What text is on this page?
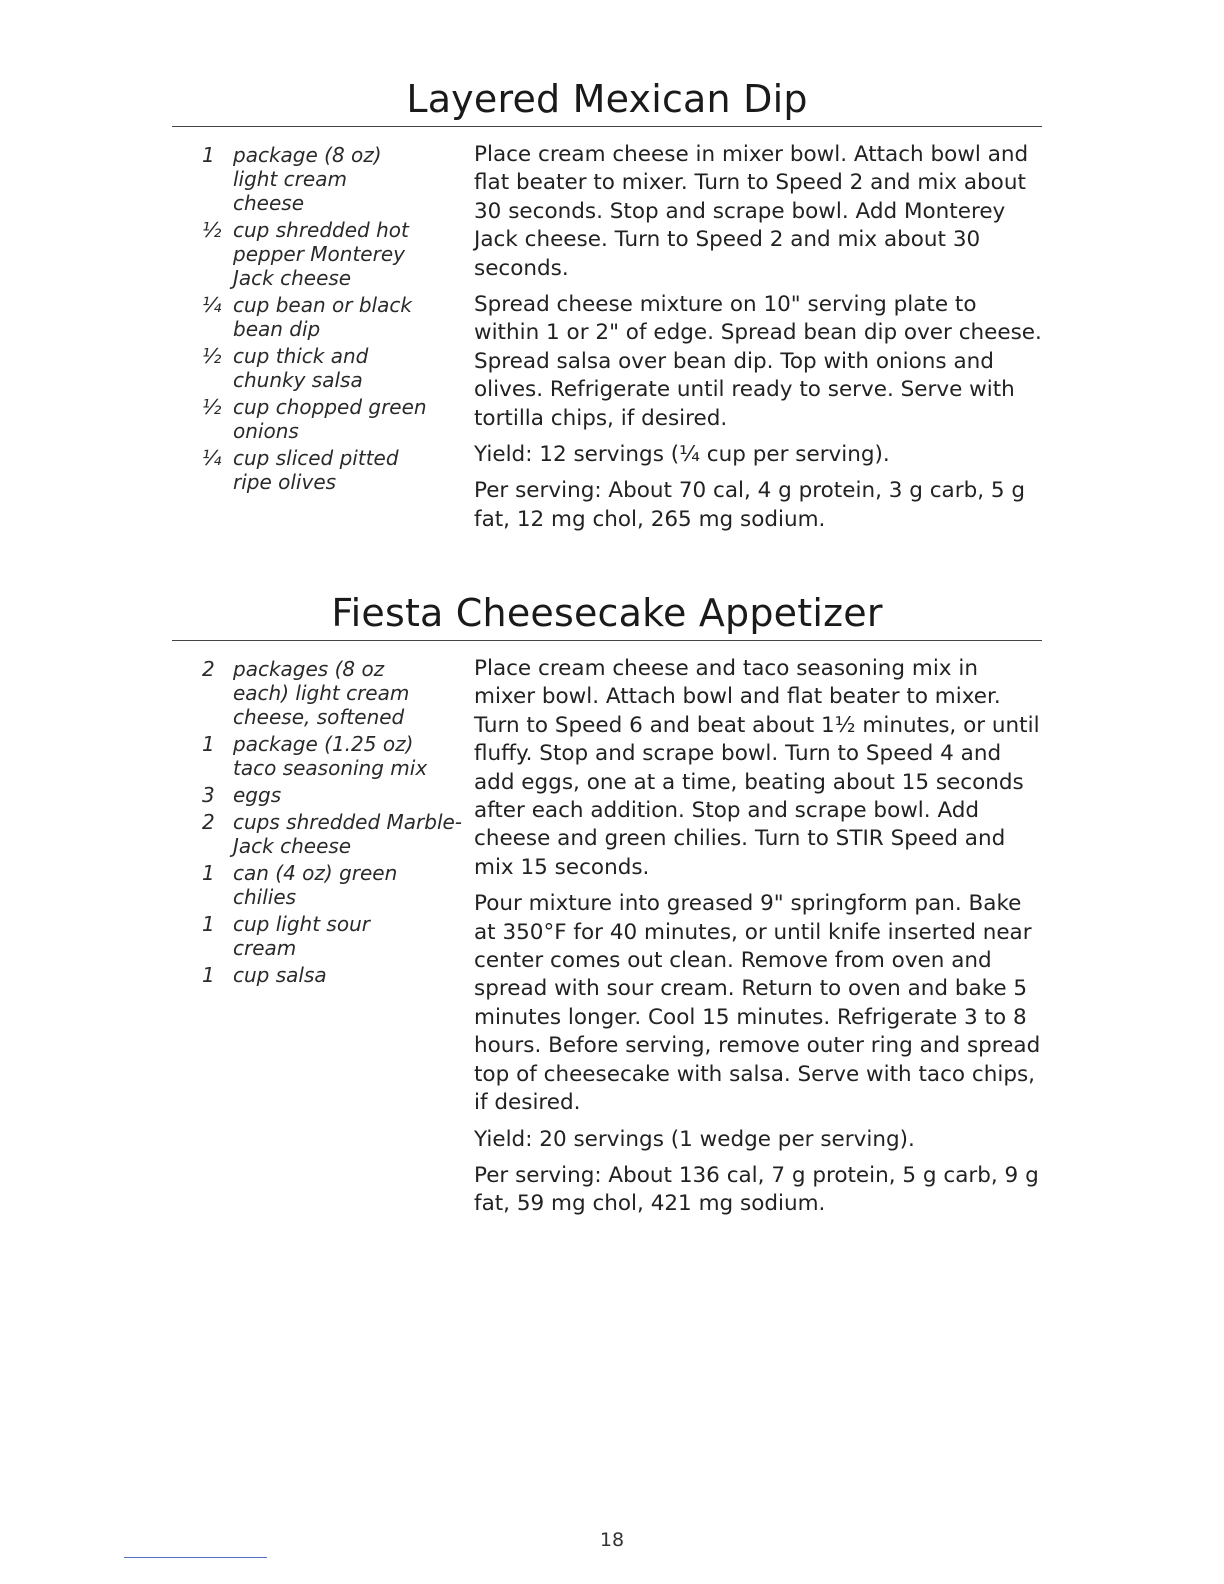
Layered Mexican Dip
1 package (8 oz) light cream cheese
½ cup shredded hot pepper Monterey Jack cheese
¼ cup bean or black bean dip
½ cup thick and chunky salsa
½ cup chopped green onions
¼ cup sliced pitted ripe olives

Place cream cheese in mixer bowl. Attach bowl and flat beater to mixer. Turn to Speed 2 and mix about 30 seconds. Stop and scrape bowl. Add Monterey Jack cheese. Turn to Speed 2 and mix about 30 seconds.

Spread cheese mixture on 10" serving plate to within 1 or 2" of edge. Spread bean dip over cheese. Spread salsa over bean dip. Top with onions and olives. Refrigerate until ready to serve. Serve with tortilla chips, if desired.

Yield: 12 servings (¼ cup per serving).

Per serving: About 70 cal, 4 g protein, 3 g carb, 5 g fat, 12 mg chol, 265 mg sodium.

Fiesta Cheesecake Appetizer
2 packages (8 oz each) light cream cheese, softened
1 package (1.25 oz) taco seasoning mix
3 eggs
2 cups shredded Marble-Jack cheese
1 can (4 oz) green chilies
1 cup light sour cream
1 cup salsa

Place cream cheese and taco seasoning mix in mixer bowl. Attach bowl and flat beater to mixer. Turn to Speed 6 and beat about 1½ minutes, or until fluffy. Stop and scrape bowl. Turn to Speed 4 and add eggs, one at a time, beating about 15 seconds after each addition. Stop and scrape bowl. Add cheese and green chilies. Turn to STIR Speed and mix 15 seconds.

Pour mixture into greased 9" springform pan. Bake at 350°F for 40 minutes, or until knife inserted near center comes out clean. Remove from oven and spread with sour cream. Return to oven and bake 5 minutes longer. Cool 15 minutes. Refrigerate 3 to 8 hours. Before serving, remove outer ring and spread top of cheesecake with salsa. Serve with taco chips, if desired.

Yield: 20 servings (1 wedge per serving).

Per serving: About 136 cal, 7 g protein, 5 g carb, 9 g fat, 59 mg chol, 421 mg sodium.

18
